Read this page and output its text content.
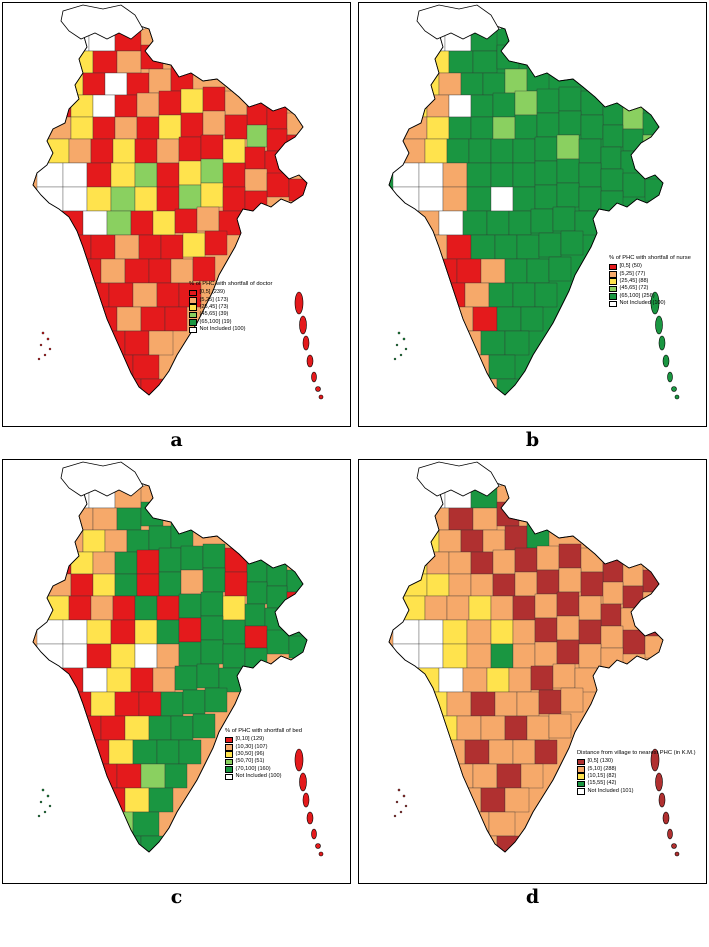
% of PHC with shortfall of doctor
[0,5] (239)
(5,25] (173)
(25,45] (73)
(45,65] (39)
(65,100] (19)
Not Included (100)
a
% of PHC with shortfall of nurse
[0,5] (50)
(5,25] (77)
(25,45] (88)
(45,65] (72)
(65,100] (256)
Not Included (100)
b
% of PHC with shortfall of bed
[0,10] (129)
(10,30] (107)
(30,50] (96)
(50,70] (51)
(70,100] (160)
Not Included (100)
c
Distance from village to nearest PHC (in K.M.)
[0,5] (130)
(5,10] (288)
(10,15] (82)
(15,55] (42)
Not Included (101)
d
